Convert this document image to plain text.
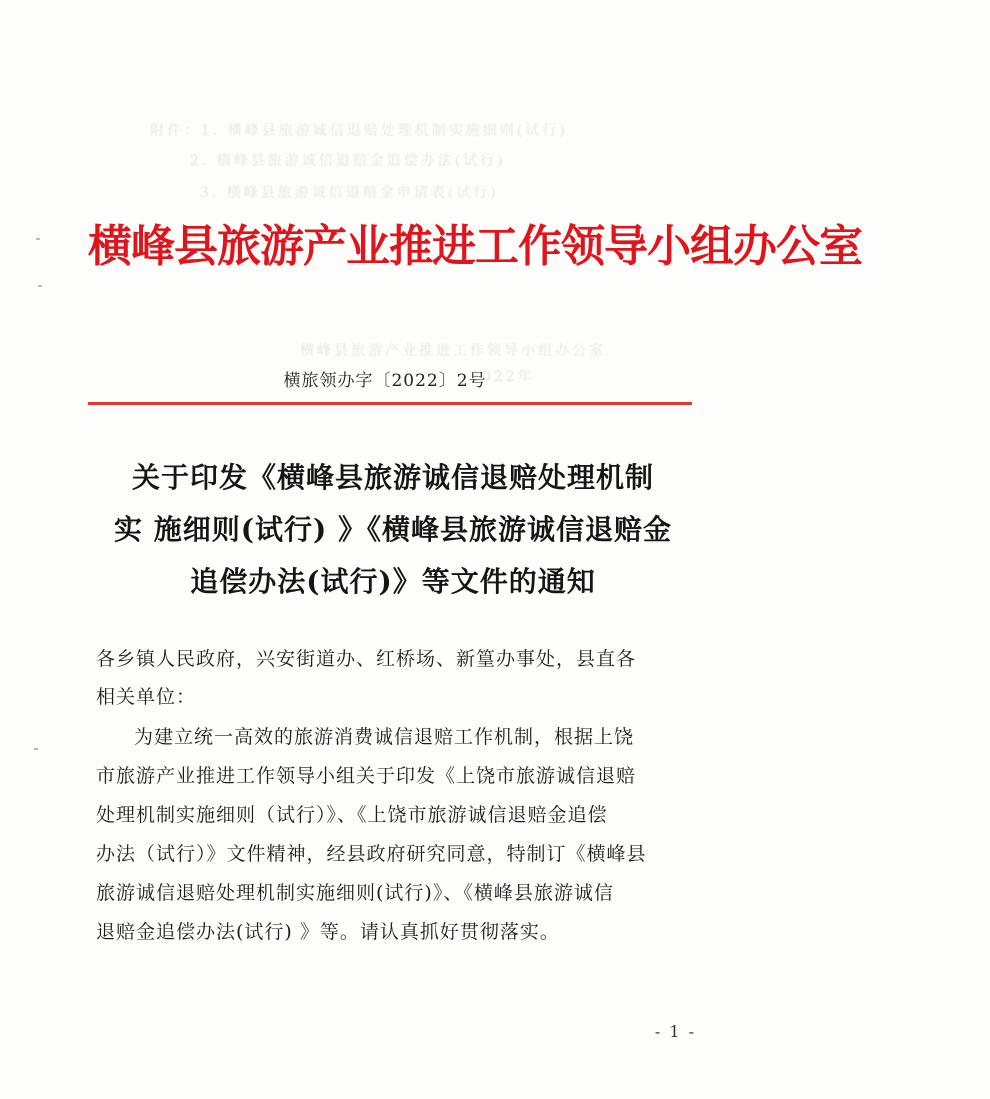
附件：1. 横峰县旅游诚信退赔处理机制实施细则(试行)
2. 横峰县旅游诚信退赔金追偿办法(试行)
3. 横峰县旅游诚信退赔金申请表(试行)
横峰县旅游产业推进工作领导小组办公室
2022年
横峰县旅游产业推进工作领导小组办公室
横旅领办字〔2022〕2号
关于印发《横峰县旅游诚信退赔处理机制
实 施细则(试行) 》《横峰县旅游诚信退赔金
追偿办法(试行)》等文件的通知
各乡镇人民政府，兴安街道办、红桥场、新篁办事处，县直各
相关单位：
为建立统一高效的旅游消费诚信退赔工作机制，根据上饶
市旅游产业推进工作领导小组关于印发《上饶市旅游诚信退赔
处理机制实施细则（试行）》、《上饶市旅游诚信退赔金追偿
办法（试行）》文件精神，经县政府研究同意，特制订《横峰县
旅游诚信退赔处理机制实施细则(试行)》、《横峰县旅游诚信
退赔金追偿办法(试行) 》等。请认真抓好贯彻落实。
- 1 -
